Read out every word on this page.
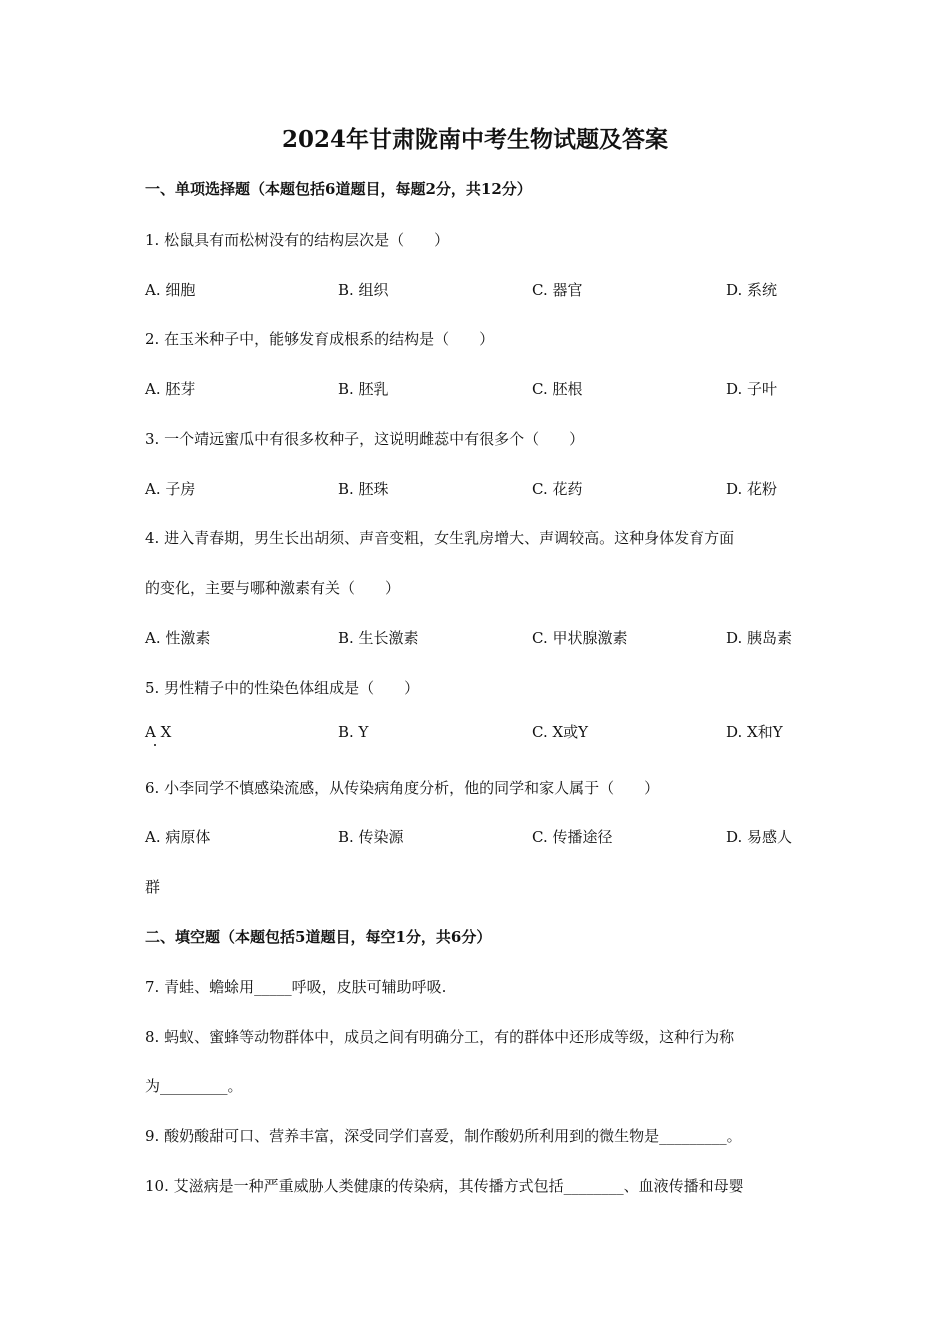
2024年甘肃陇南中考生物试题及答案
一、单项选择题（本题包括6道题目，每题2分，共12分）
1. 松鼠具有而松树没有的结构层次是（　　）
A. 细胞	B. 组织	C. 器官	D. 系统
2. 在玉米种子中，能够发育成根系的结构是（　　）
A. 胚芽	B. 胚乳	C. 胚根	D. 子叶
3. 一个靖远蜜瓜中有很多枚种子，这说明雌蕊中有很多个（　　）
A. 子房	B. 胚珠	C. 花药	D. 花粉
4. 进入青春期，男生长出胡须、声音变粗，女生乳房增大、声调较高。这种身体发育方面
的变化，主要与哪种激素有关（　　）
A. 性激素	B. 生长激素	C. 甲状腺激素	D. 胰岛素
5. 男性精子中的性染色体组成是（　　）
A X	B. Y	C. X或Y	D. X和Y
6. 小李同学不慎感染流感，从传染病角度分析，他的同学和家人属于（　　）
A. 病原体	B. 传染源	C. 传播途径	D. 易感人
群
二、填空题（本题包括5道题目，每空1分，共6分）
7. 青蛙、蟾蜍用_____呼吸，皮肤可辅助呼吸.
8. 蚂蚁、蜜蜂等动物群体中，成员之间有明确分工，有的群体中还形成等级，这种行为称
为_________。
9. 酸奶酸甜可口、营养丰富，深受同学们喜爱，制作酸奶所利用到的微生物是_________。
10. 艾滋病是一种严重威胁人类健康的传染病，其传播方式包括________、血液传播和母婴
